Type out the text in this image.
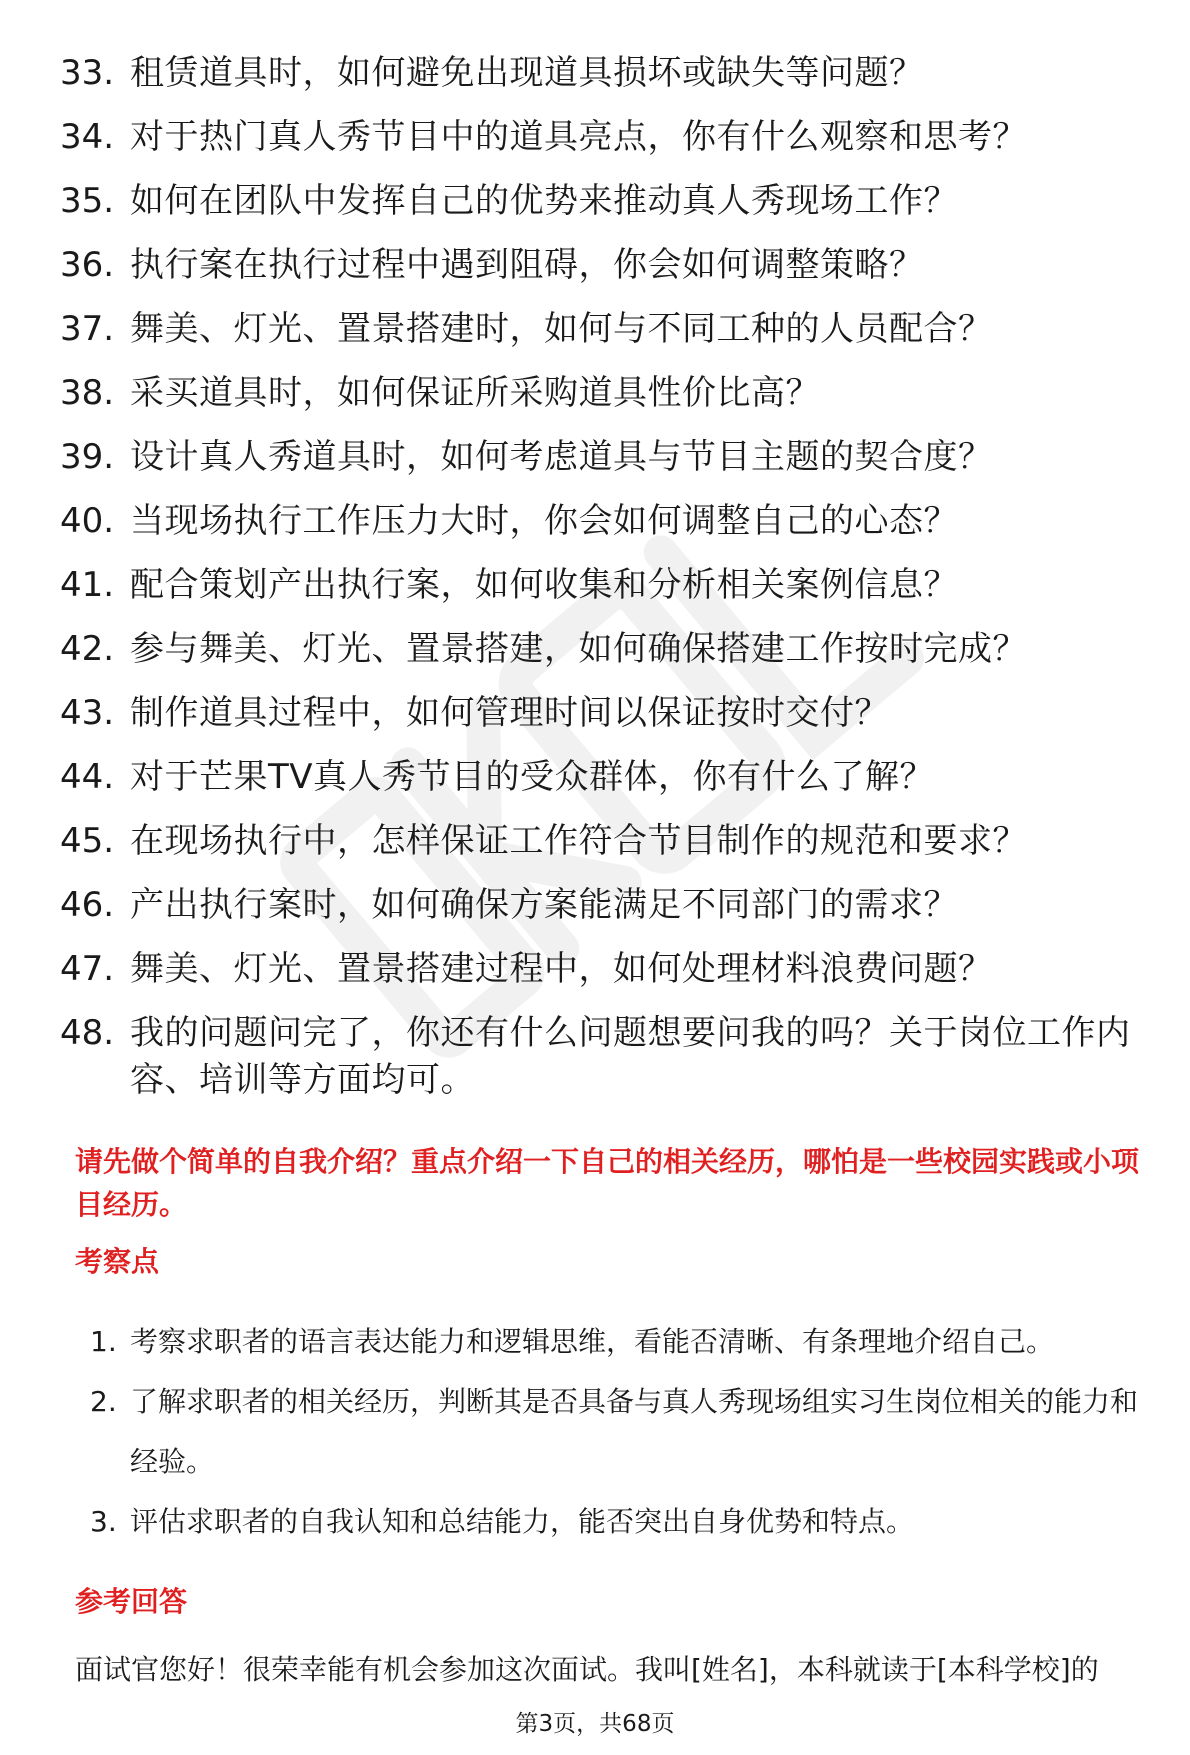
33. 租赁道具时，如何避免出现道具损坏或缺失等问题？
34. 对于热门真人秀节目中的道具亮点，你有什么观察和思考？
35. 如何在团队中发挥自己的优势来推动真人秀现场工作？
36. 执行案在执行过程中遇到阻碍，你会如何调整策略？
37. 舞美、灯光、置景搭建时，如何与不同工种的人员配合？
38. 采买道具时，如何保证所采购道具性价比高？
39. 设计真人秀道具时，如何考虑道具与节目主题的契合度？
40. 当现场执行工作压力大时，你会如何调整自己的心态？
41. 配合策划产出执行案，如何收集和分析相关案例信息？
42. 参与舞美、灯光、置景搭建，如何确保搭建工作按时完成？
43. 制作道具过程中，如何管理时间以保证按时交付？
44. 对于芒果TV真人秀节目的受众群体，你有什么了解？
45. 在现场执行中，怎样保证工作符合节目制作的规范和要求？
46. 产出执行案时，如何确保方案能满足不同部门的需求？
47. 舞美、灯光、置景搭建过程中，如何处理材料浪费问题？
48. 我的问题问完了，你还有什么问题想要问我的吗？关于岗位工作内容、培训等方面均可。

请先做个简单的自我介绍？重点介绍一下自己的相关经历，哪怕是一些校园实践或小项目经历。

考察点

1. 考察求职者的语言表达能力和逻辑思维，看能否清晰、有条理地介绍自己。
2. 了解求职者的相关经历，判断其是否具备与真人秀现场组实习生岗位相关的能力和经验。
3. 评估求职者的自我认知和总结能力，能否突出自身优势和特点。

参考回答

面试官您好！很荣幸能有机会参加这次面试。我叫[姓名]，本科就读于[本科学校]的

第3页，共68页
